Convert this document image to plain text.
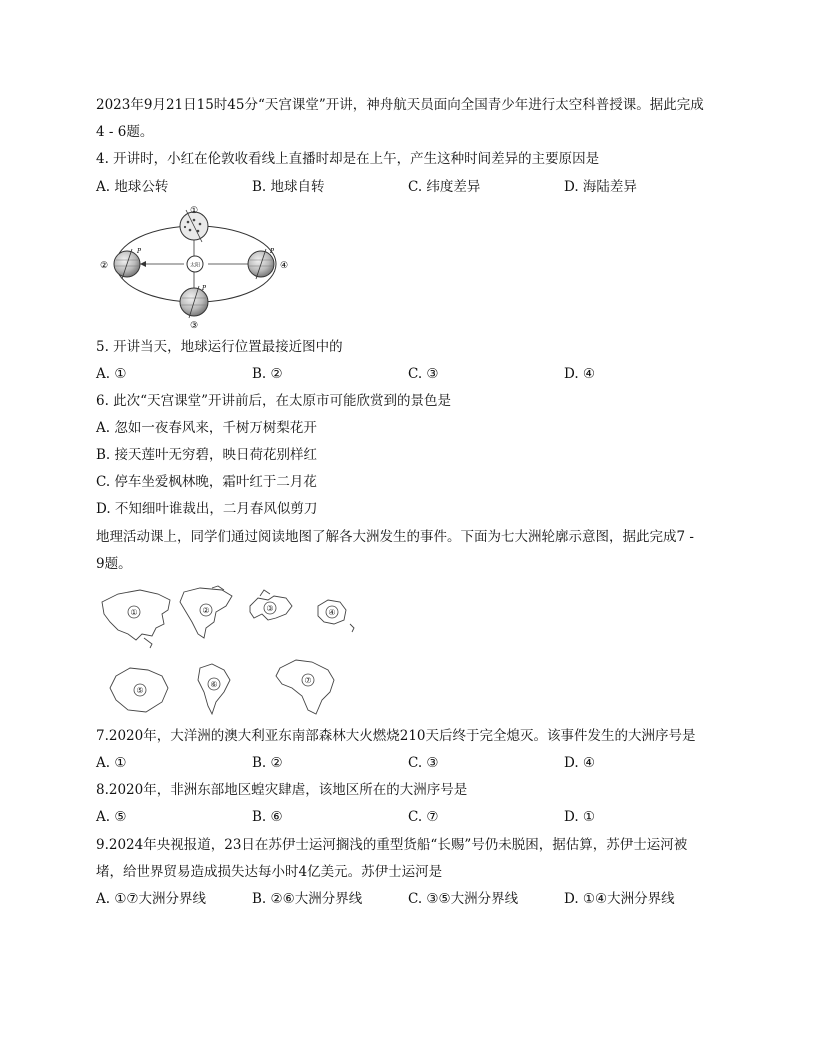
2023年9月21日15时45分“天宫课堂”开讲，神舟航天员面向全国青少年进行太空科普授课。据此完成
4 - 6题。
4. 开讲时，小红在伦敦收看线上直播时却是在上午，产生这种时间差异的主要原因是
A. 地球公转	B. 地球自转	C. 纬度差异	D. 海陆差异
太阳
①
②
P
④
P
③
P
5. 开讲当天，地球运行位置最接近图中的
A. ①	B. ②	C. ③	D. ④
6. 此次“天宫课堂”开讲前后，在太原市可能欣赏到的景色是
A. 忽如一夜春风来，千树万树梨花开
B. 接天莲叶无穷碧，映日荷花别样红
C. 停车坐爱枫林晚，霜叶红于二月花
D. 不知细叶谁裁出，二月春风似剪刀
地理活动课上，同学们通过阅读地图了解各大洲发生的事件。下面为七大洲轮廓示意图，据此完成7 -
9题。
①	②	③	④
⑤
⑥	⑦
7.2020年，大洋洲的澳大利亚东南部森林大火燃烧210天后终于完全熄灭。该事件发生的大洲序号是
A. ①	B. ②	C. ③	D. ④
8.2020年，非洲东部地区蝗灾肆虐，该地区所在的大洲序号是
A. ⑤	B. ⑥	C. ⑦	D. ①
9.2024年央视报道，23日在苏伊士运河搁浅的重型货船“长赐”号仍未脱困，据估算，苏伊士运河被
堵，给世界贸易造成损失达每小时4亿美元。苏伊士运河是
A. ①⑦大洲分界线	B. ②⑥大洲分界线	C. ③⑤大洲分界线	D. ①④大洲分界线
